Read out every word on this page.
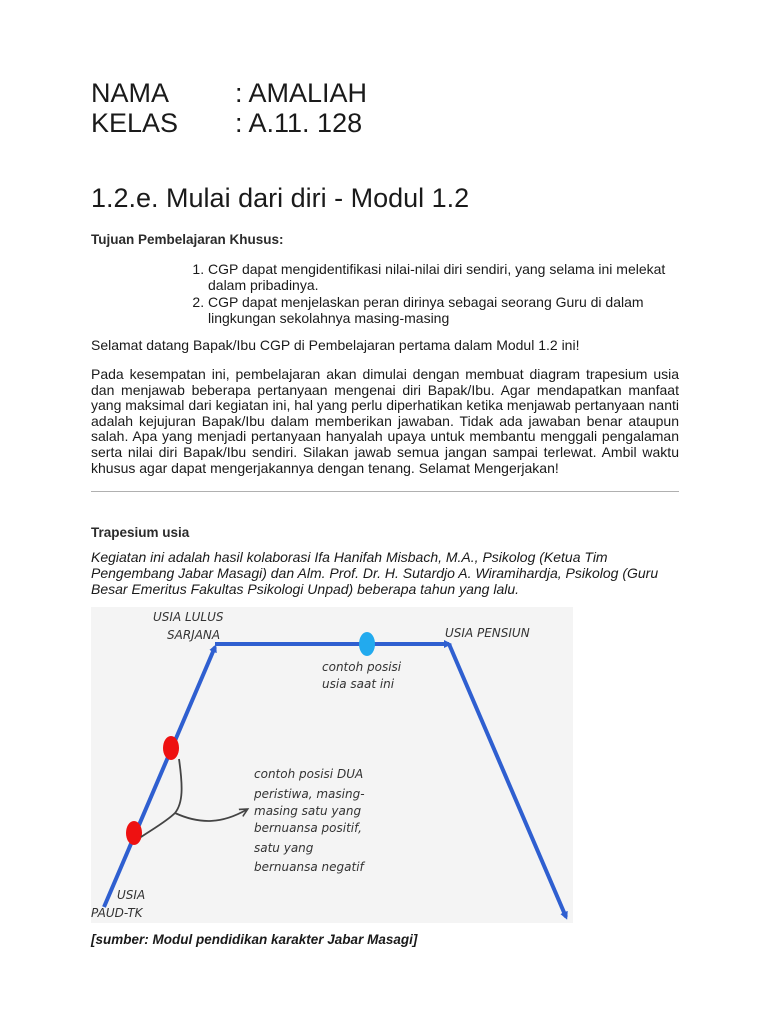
NAMA	: AMALIAH
KELAS	: A.11. 128
1.2.e. Mulai dari diri - Modul 1.2
Tujuan Pembelajaran Khusus:
1. CGP dapat mengidentifikasi nilai-nilai diri sendiri, yang selama ini melekat dalam pribadinya.
2. CGP dapat menjelaskan peran dirinya sebagai seorang Guru di dalam lingkungan sekolahnya masing-masing
Selamat datang Bapak/Ibu CGP di Pembelajaran pertama dalam Modul 1.2 ini!
Pada kesempatan ini, pembelajaran akan dimulai dengan membuat diagram trapesium usia dan menjawab beberapa pertanyaan mengenai diri Bapak/Ibu. Agar mendapatkan manfaat yang maksimal dari kegiatan ini, hal yang perlu diperhatikan ketika menjawab pertanyaan nanti adalah kejujuran Bapak/Ibu dalam memberikan jawaban. Tidak ada jawaban benar ataupun salah. Apa yang menjadi pertanyaan hanyalah upaya untuk membantu menggali pengalaman serta nilai diri Bapak/Ibu sendiri. Silakan jawab semua jangan sampai terlewat. Ambil waktu khusus agar dapat mengerjakannya dengan tenang. Selamat Mengerjakan!
Trapesium usia
Kegiatan ini adalah hasil kolaborasi Ifa Hanifah Misbach, M.A., Psikolog (Ketua Tim Pengembang Jabar Masagi) dan Alm. Prof. Dr. H. Sutardjo A. Wiramihardja, Psikolog (Guru Besar Emeritus Fakultas Psikologi Unpad) beberapa tahun yang lalu.
USIA LULUS
SARJANA	USIA PENSIUN
contoh posisi
usia saat ini
contoh posisi DUA
peristiwa, masing-
masing satu yang
bernuansa positif,
satu yang
bernuansa negatif
USIA
PAUD-TK
[sumber: Modul pendidikan karakter Jabar Masagi]
